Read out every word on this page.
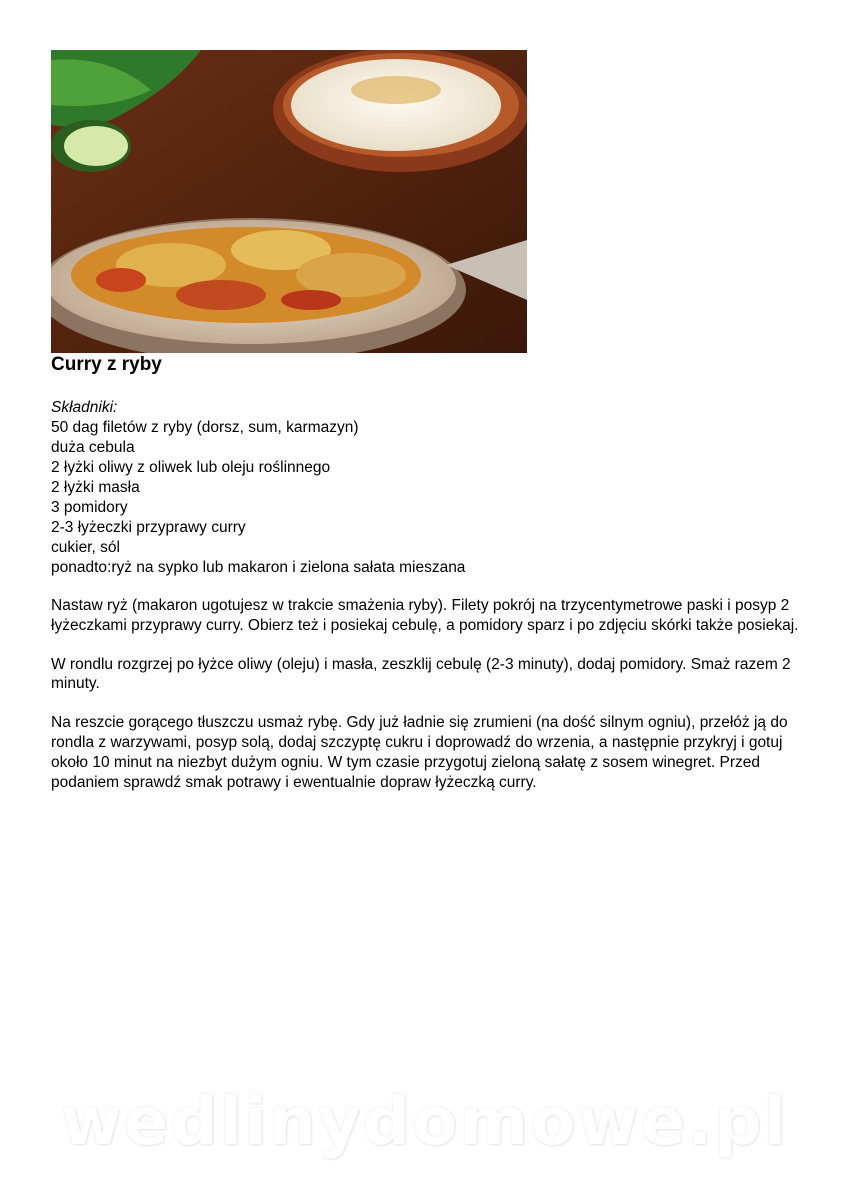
Curry z ryby
Składniki:
50 dag filetów z ryby (dorsz, sum, karmazyn)
duża cebula
2 łyżki oliwy z oliwek lub oleju roślinnego
2 łyżki masła
3 pomidory
2-3 łyżeczki przyprawy curry
cukier, sól
ponadto:ryż na sypko lub makaron i zielona sałata mieszana

Nastaw ryż (makaron ugotujesz w trakcie smażenia ryby). Filety pokrój na trzycentymetrowe paski i posyp 2 łyżeczkami przyprawy curry. Obierz też i posiekaj cebulę, a pomidory sparz i po zdjęciu skórki także posiekaj.

W rondlu rozgrzej po łyżce oliwy (oleju) i masła, zeszklij cebulę (2-3 minuty), dodaj pomidory. Smaż razem 2 minuty.

Na reszcie gorącego tłuszczu usmaż rybę. Gdy już ładnie się zrumieni (na dość silnym ogniu), przełóż ją do rondla z warzywami, posyp solą, dodaj szczyptę cukru i doprowadź do wrzenia, a następnie przykryj i gotuj około 10 minut na niezbyt dużym ogniu. W tym czasie przygotuj zieloną sałatę z sosem winegret. Przed podaniem sprawdź smak potrawy i ewentualnie dopraw łyżeczką curry.

wedlinydomowe.pl
